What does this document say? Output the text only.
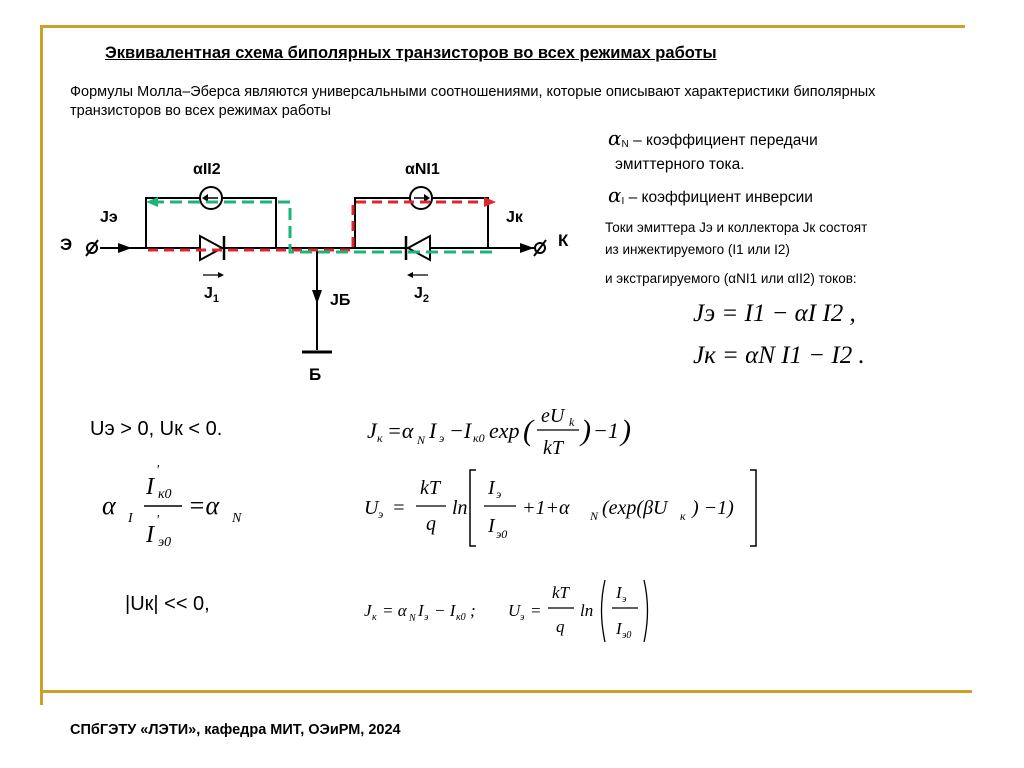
Эквивалентная схема биполярных транзисторов во всех режимах работы
Формулы Молла–Эберса являются универсальными соотношениями, которые описывают характеристики биполярных транзисторов во всех режимах работы
Э	К
Б
Jэ	Jк
JБ
$J_1$	$J_2$
αII2	αNI1
$\alpha_N$ – коэффициент передачи
эмиттерного тока.
$\alpha_I$ – коэффициент инверсии
Токи эмиттера Jэ и коллектора Jк состоят
из инжектируемого (I1 или I2)
и экстрагируемого (αNI1 или αII2) токов:
Jэ = I1 − αI I2 ,
Jк = αN I1 − I2 .
Uэ > 0, Uк < 0.
|Uк| << 0,
α I
I
'
к0
I
'
э0
=α N
J к =α N I э −I к0 exp ( eU k
kT
) −1 )
U э =
kT
q
ln
I э
I э0
+1+α N (exp(βU к ) −1)
J к = α N I э − I к0 ; U э =
kT
q
ln
I э
I э0
СПбГЭТУ «ЛЭТИ», кафедра МИТ, ОЭиРМ, 2024
